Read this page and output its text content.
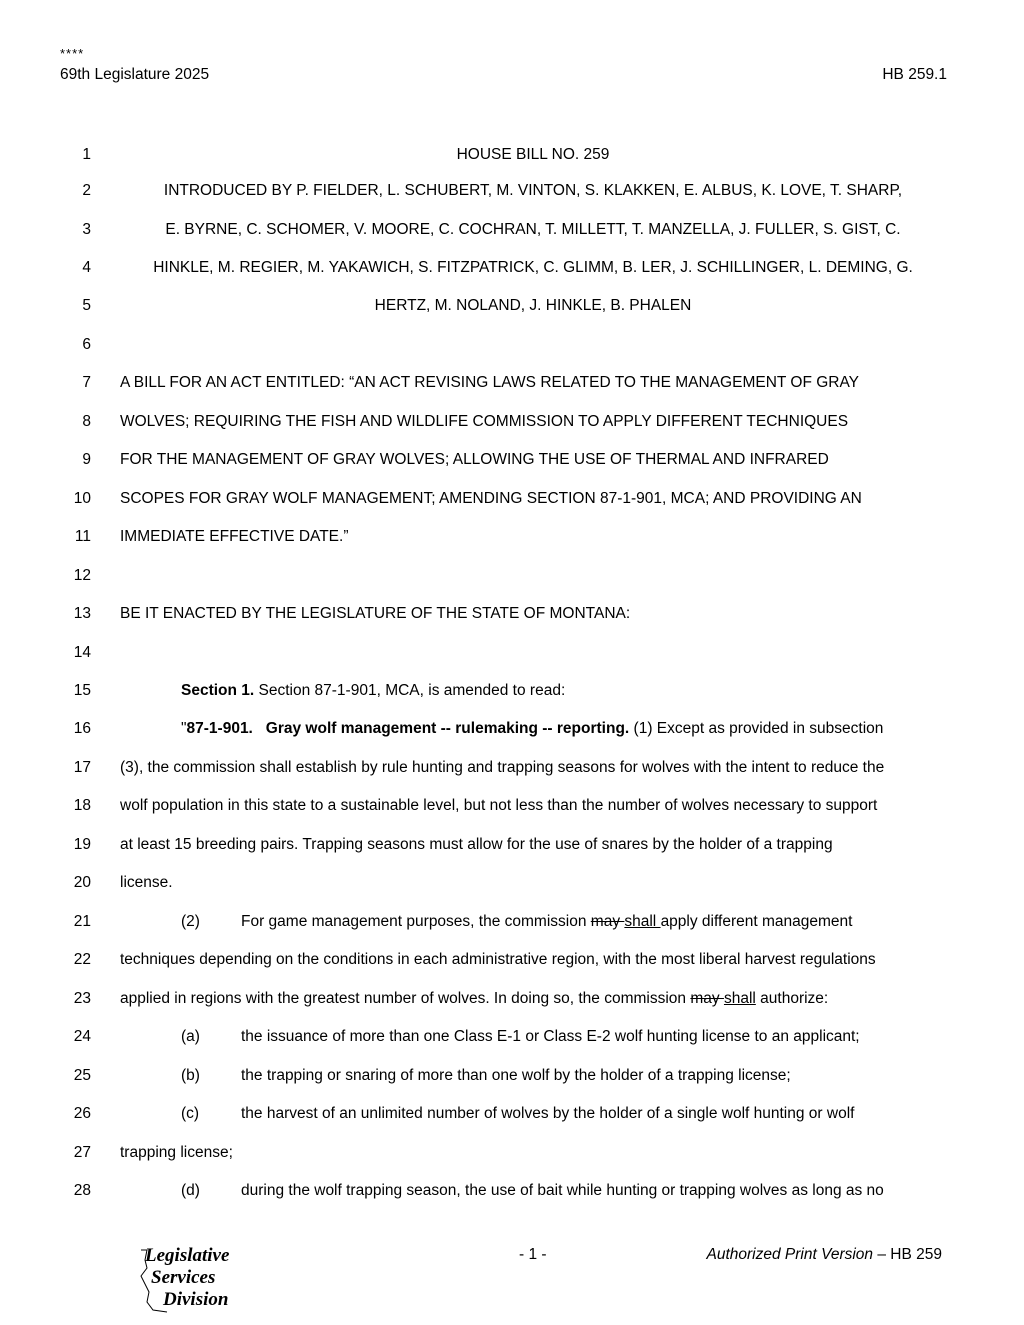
****
69th Legislature 2025	HB 259.1
1	HOUSE BILL NO. 259
2	INTRODUCED BY P. FIELDER, L. SCHUBERT, M. VINTON, S. KLAKKEN, E. ALBUS, K. LOVE, T. SHARP,
3	E. BYRNE, C. SCHOMER, V. MOORE, C. COCHRAN, T. MILLETT, T. MANZELLA, J. FULLER, S. GIST, C.
4	HINKLE, M. REGIER, M. YAKAWICH, S. FITZPATRICK, C. GLIMM, B. LER, J. SCHILLINGER, L. DEMING, G.
5	HERTZ, M. NOLAND, J. HINKLE, B. PHALEN
6
7 A BILL FOR AN ACT ENTITLED: “AN ACT REVISING LAWS RELATED TO THE MANAGEMENT OF GRAY
8 WOLVES; REQUIRING THE FISH AND WILDLIFE COMMISSION TO APPLY DIFFERENT TECHNIQUES
9 FOR THE MANAGEMENT OF GRAY WOLVES; ALLOWING THE USE OF THERMAL AND INFRARED
10 SCOPES FOR GRAY WOLF MANAGEMENT; AMENDING SECTION 87-1-901, MCA; AND PROVIDING AN
11 IMMEDIATE EFFECTIVE DATE.”
12
13 BE IT ENACTED BY THE LEGISLATURE OF THE STATE OF MONTANA:
14
15	Section 1. Section 87-1-901, MCA, is amended to read:
16	"87-1-901.   Gray wolf management -- rulemaking -- reporting. (1) Except as provided in subsection
17 (3), the commission shall establish by rule hunting and trapping seasons for wolves with the intent to reduce the
18 wolf population in this state to a sustainable level, but not less than the number of wolves necessary to support
19 at least 15 breeding pairs. Trapping seasons must allow for the use of snares by the holder of a trapping
20 license.
21	(2)	For game management purposes, the commission may shall apply different management
22 techniques depending on the conditions in each administrative region, with the most liberal harvest regulations
23 applied in regions with the greatest number of wolves. In doing so, the commission may shall authorize:
24	(a)	the issuance of more than one Class E-1 or Class E-2 wolf hunting license to an applicant;
25	(b)	the trapping or snaring of more than one wolf by the holder of a trapping license;
26	(c)	the harvest of an unlimited number of wolves by the holder of a single wolf hunting or wolf
27 trapping license;
28	(d)	during the wolf trapping season, the use of bait while hunting or trapping wolves as long as no
Legislative
Services
Division
- 1 -	Authorized Print Version – HB 259
